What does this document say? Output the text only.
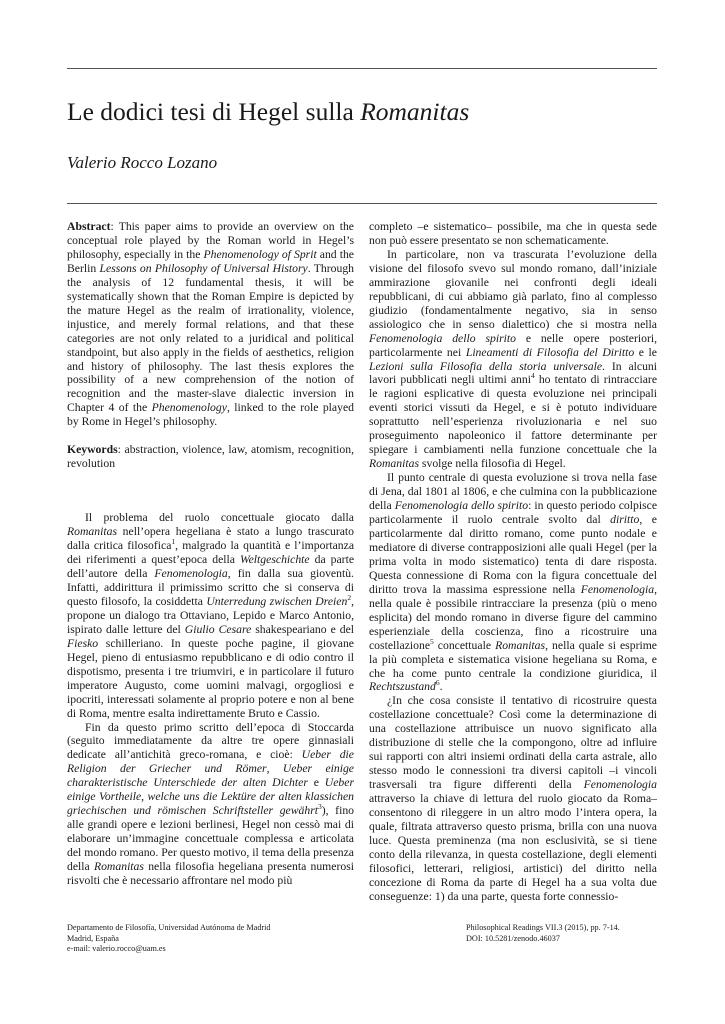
Le dodici tesi di Hegel sulla Romanitas
Valerio Rocco Lozano

Abstract: This paper aims to provide an overview on the conceptual role played by the Roman world in Hegel’s philosophy, especially in the Phenomenology of Sprit and the Berlin Lessons on Philosophy of Universal History. Through the analysis of 12 fundamental thesis, it will be systematically shown that the Roman Empire is depicted by the mature Hegel as the realm of irrationality, violence, injustice, and merely formal relations, and that these categories are not only related to a juridical and political standpoint, but also apply in the fields of aesthetics, religion and history of philosophy. The last thesis explores the possibility of a new comprehension of the notion of recognition and the master-slave dialectic inversion in Chapter 4 of the Phenomenology, linked to the role played by Rome in Hegel’s philosophy.

Keywords: abstraction, violence, law, atomism, recognition, revolution

Il problema del ruolo concettuale giocato dalla Romanitas nell’opera hegeliana è stato a lungo trascurato dalla critica filosofica$^1$, malgrado la quantità e l’importanza dei riferimenti a quest’epoca della Weltgeschichte da parte dell’autore della Fenomenologia, fin dalla sua gioventù. Infatti, addirittura il primissimo scritto che si conserva di questo filosofo, la cosiddetta Unterredung zwischen Dreien$^2$, propone un dialogo tra Ottaviano, Lepido e Marco Antonio, ispirato dalle letture del Giulio Cesare shakespeariano e del Fiesko schilleriano. In queste poche pagine, il giovane Hegel, pieno di entusiasmo repubblicano e di odio contro il dispotismo, presenta i tre triumviri, e in particolare il futuro imperatore Augusto, come uomini malvagi, orgogliosi e ipocriti, interessati solamente al proprio potere e non al bene di Roma, mentre esalta indirettamente Bruto e Cassio.

Fin da questo primo scritto dell’epoca di Stoccarda (seguito immediatamente da altre tre opere ginnasiali dedicate all’antichità greco-romana, e cioè: Ueber die Religion der Griecher und Römer, Ueber einige charakteristische Unterschiede der alten Dichter e Ueber einige Vortheile, welche uns die Lektüre der alten klassichen griechischen und römischen Schriftsteller gewährt$^3$), fino alle grandi opere e lezioni berlinesi, Hegel non cessò mai di elaborare un’immagine concettuale complessa e articolata del mondo romano. Per questo motivo, il tema della presenza della Romanitas nella filosofia hegeliana presenta numerosi risvolti che è necessario affrontare nel modo più

completo –e sistematico– possibile, ma che in questa sede non può essere presentato se non schematicamente.

In particolare, non va trascurata l’evoluzione della visione del filosofo svevo sul mondo romano, dall’iniziale ammirazione giovanile nei confronti degli ideali repubblicani, di cui abbiamo già parlato, fino al complesso giudizio (fondamentalmente negativo, sia in senso assiologico che in senso dialettico) che si mostra nella Fenomenologia dello spirito e nelle opere posteriori, particolarmente nei Lineamenti di Filosofia del Diritto e le Lezioni sulla Filosofia della storia universale. In alcuni lavori pubblicati negli ultimi anni$^4$ ho tentato di rintracciare le ragioni esplicative di questa evoluzione nei principali eventi storici vissuti da Hegel, e si è potuto individuare soprattutto nell’esperienza rivoluzionaria e nel suo proseguimento napoleonico il fattore determinante per spiegare i cambiamenti nella funzione concettuale che la Romanitas svolge nella filosofia di Hegel.

Il punto centrale di questa evoluzione si trova nella fase di Jena, dal 1801 al 1806, e che culmina con la pubblicazione della Fenomenologia dello spirito: in questo periodo colpisce particolarmente il ruolo centrale svolto dal diritto, e particolarmente dal diritto romano, come punto nodale e mediatore di diverse contrapposizioni alle quali Hegel (per la prima volta in modo sistematico) tenta di dare risposta. Questa connessione di Roma con la figura concettuale del diritto trova la massima espressione nella Fenomenologia, nella quale è possibile rintracciare la presenza (più o meno esplicita) del mondo romano in diverse figure del cammino esperienziale della coscienza, fino a ricostruire una costellazione$^5$ concettuale Romanitas, nella quale si esprime la più completa e sistematica visione hegeliana su Roma, e che ha come punto centrale la condizione giuridica, il Rechtszustand$^6$.

¿In che cosa consiste il tentativo di ricostruire questa costellazione concettuale? Così come la determinazione di una costellazione attribuisce un nuovo significato alla distribuzione di stelle che la compongono, oltre ad influire sui rapporti con altri insiemi ordinati della carta astrale, allo stesso modo le connessioni tra diversi capitoli –i vincoli trasversali tra figure differenti della Fenomenologia attraverso la chiave di lettura del ruolo giocato da Roma– consentono di rileggere in un altro modo l’intera opera, la quale, filtrata attraverso questo prisma, brilla con una nuova luce. Questa preminenza (ma non esclusività, se si tiene conto della rilevanza, in questa costellazione, degli elementi filosofici, letterari, religiosi, artistici) del diritto nella concezione di Roma da parte di Hegel ha a sua volta due conseguenze: 1) da una parte, questa forte connessio-

Departamento de Filosofía, Universidad Autónoma de Madrid
Madrid, España
e-mail: valerio.rocco@uam.es
Philosophical Readings VII.3 (2015), pp. 7-14.
DOI: 10.5281/zenodo.46037
